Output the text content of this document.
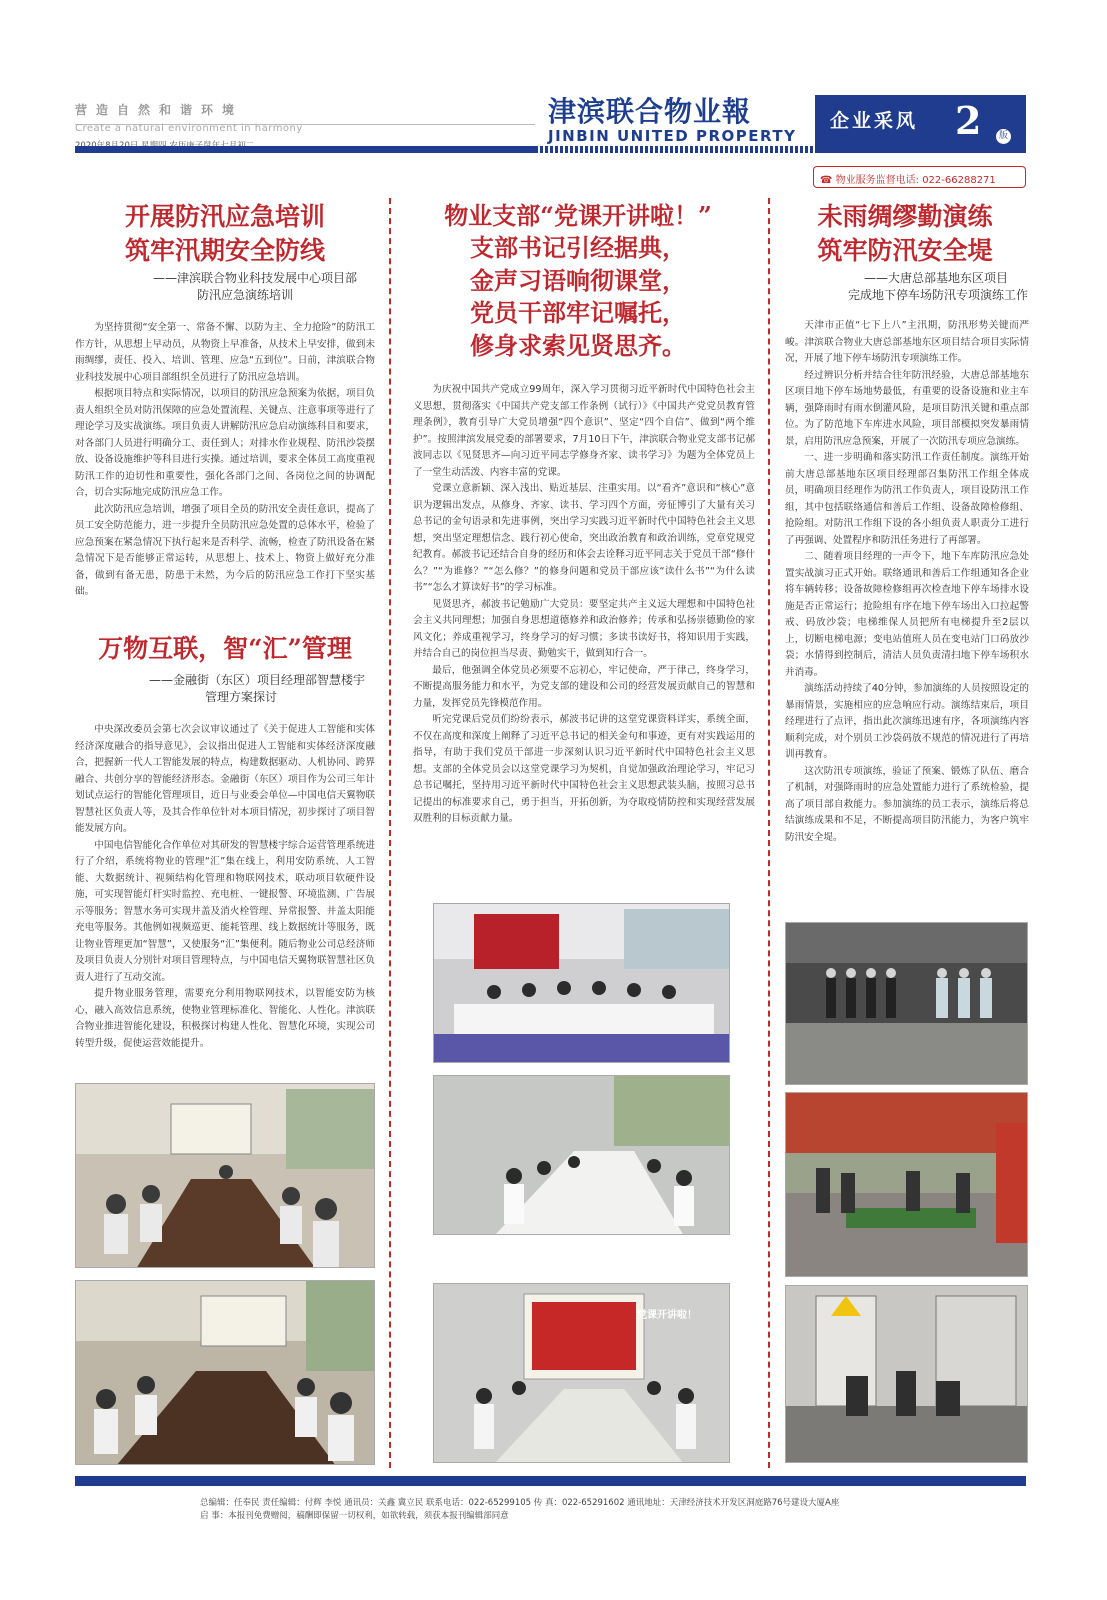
营造自然和谐环境
Create a natural environment in harmony
津滨联合物业報
JINBIN UNITED PROPERTY
企业采风 2	版
☎ 物业服务监督电话: 022-66288271
开展防汛应急培训
筑牢汛期安全防线
——津滨联合物业科技发展中心项目部
防汛应急演练培训

为坚持贯彻“安全第一、常备不懈、以防为主、全力抢险”的防汛工作方针，从思想上早动员，从物资上早准备，从技术上早安排，做到未雨绸缪，责任、投入、培训、管理、应急“五到位”。日前，津滨联合物业科技发展中心项目部组织全员进行了防汛应急培训。

根据项目特点和实际情况，以项目的防汛应急预案为依据，项目负责人组织全员对防汛保障的应急处置流程、关键点、注意事项等进行了理论学习及实战演练。项目负责人讲解防汛应急启动演练科目和要求，对各部门人员进行明确分工、责任到人；对排水作业规程、防汛沙袋摆放、设备设施维护等科目进行实操。通过培训，要求全体员工高度重视防汛工作的迫切性和重要性，强化各部门之间、各岗位之间的协调配合，切合实际地完成防汛应急工作。

此次防汛应急培训，增强了项目全员的防汛安全责任意识，提高了员工安全防范能力，进一步提升全员防汛应急处置的总体水平，检验了应急预案在紧急情况下执行起来是否科学、流畅，检查了防汛设备在紧急情况下是否能够正常运转，从思想上、技术上、物资上做好充分准备，做到有备无患，防患于未然，为今后的防汛应急工作打下坚实基础。

万物互联，智“汇”管理
——金融街（东区）项目经理部智慧楼宇
管理方案探讨

中央深改委员会第七次会议审议通过了《关于促进人工智能和实体经济深度融合的指导意见》，会议指出促进人工智能和实体经济深度融合，把握新一代人工智能发展的特点，构建数据驱动、人机协同、跨界融合、共创分享的智能经济形态。金融街（东区）项目作为公司三年计划试点运行的智能化管理项目，近日与业委会单位—中国电信天翼物联智慧社区负责人等，及其合作单位针对本项目情况，初步探讨了项目智能发展方向。

中国电信智能化合作单位对其研发的智慧楼宇综合运营管理系统进行了介绍，系统将物业的管理“汇”集在线上，利用安防系统、人工智能、大数据统计、视频结构化管理和物联网技术，联动项目软硬件设施，可实现智能灯杆实时监控、充电桩、一键报警、环境监测、广告展示等服务；智慧水务可实现井盖及消火栓管理、异常报警、井盖太阳能充电等服务。其他例如视频巡更、能耗管理、线上数据统计等服务，既让物业管理更加“智慧”，又使服务“汇”集便利。随后物业公司总经济师及项目负责人分别针对项目管理特点，与中国电信天翼物联智慧社区负责人进行了互动交流。

提升物业服务管理，需要充分利用物联网技术，以智能安防为核心，融入高效信息系统，使物业管理标准化、智能化、人性化。津滨联合物业推进智能化建设，积极探讨构建人性化、智慧化环境，实现公司转型升级，促使运营效能提升。

物业支部“党课开讲啦！”
支部书记引经据典，
金声习语响彻课堂，
党员干部牢记嘱托，
修身求索见贤思齐。

为庆祝中国共产党成立99周年，深入学习贯彻习近平新时代中国特色社会主义思想，贯彻落实《中国共产党支部工作条例（试行）》《中国共产党党员教育管理条例》，教育引导广大党员增强“四个意识”、坚定“四个自信”、做到“两个维护”。按照津滨发展党委的部署要求，7月10日下午，津滨联合物业党支部书记郝波同志以《见贤思齐—向习近平同志学修身齐家、读书学习》为题为全体党员上了一堂生动活泼、内容丰富的党课。

党课立意新颖、深入浅出、贴近基层、注重实用。以“看齐”意识和“核心”意识为逻辑出发点，从修身、齐家、读书、学习四个方面，旁征博引了大量有关习总书记的金句语录和先进事例，突出学习实践习近平新时代中国特色社会主义思想，突出坚定理想信念、践行初心使命，突出政治教育和政治训练，党章党规党纪教育。郝波书记还结合自身的经历和体会去诠释习近平同志关于党员干部“修什么？”“为谁修？”“怎么修？”的修身问题和党员干部应该“读什么书”“为什么读书”“怎么才算读好书”的学习标准。

见贤思齐，郝波书记勉励广大党员：要坚定共产主义远大理想和中国特色社会主义共同理想；加强自身思想道德修养和政治修养；传承和弘扬崇德勤俭的家风文化；养成重视学习，终身学习的好习惯；多读书读好书，将知识用于实践，并结合自己的岗位担当尽责、勤勉实干，做到知行合一。

最后，他强调全体党员必须要不忘初心，牢记使命，严于律己，终身学习，不断提高服务能力和水平，为党支部的建设和公司的经营发展贡献自己的智慧和力量，发挥党员先锋模范作用。

听完党课后党员们纷纷表示，郝波书记讲的这堂党课资料详实，系统全面，不仅在高度和深度上阐释了习近平总书记的相关金句和事迹，更有对实践运用的指导，有助于我们党员干部进一步深刻认识习近平新时代中国特色社会主义思想。支部的全体党员会以这堂党课学习为契机，自觉加强政治理论学习，牢记习总书记嘱托，坚持用习近平新时代中国特色社会主义思想武装头脑，按照习总书记提出的标准要求自己，勇于担当，开拓创新，为夺取疫情防控和实现经营发展双胜利的目标贡献力量。

党课开讲啦！
未雨绸缪勤演练
筑牢防汛安全堤
——大唐总部基地东区项目
完成地下停车场防汛专项演练工作

天津市正值“七下上八”主汛期，防汛形势关键而严峻。津滨联合物业大唐总部基地东区项目结合项目实际情况，开展了地下停车场防汛专项演练工作。

经过辨识分析并结合往年防汛经验，大唐总部基地东区项目地下停车场地势最低，有重要的设备设施和业主车辆，强降雨时有雨水倒灌风险，是项目防汛关键和重点部位。为了防范地下车库进水风险，项目部模拟突发暴雨情景，启用防汛应急预案，开展了一次防汛专项应急演练。

一、进一步明确和落实防汛工作责任制度。演练开始前大唐总部基地东区项目经理部召集防汛工作组全体成员，明确项目经理作为防汛工作负责人，项目设防汛工作组，其中包括联络通信和善后工作组、设备故障检修组、抢险组。对防汛工作组下设的各小组负责人职责分工进行了再强调、处置程序和防汛任务进行了再部署。

二、随着项目经理的一声令下，地下车库防汛应急处置实战演习正式开始。联络通讯和善后工作组通知各企业将车辆转移；设备故障检修组再次检查地下停车场排水设施是否正常运行；抢险组有序在地下停车场出入口拉起警戒、码放沙袋；电梯维保人员把所有电梯提升至2层以上，切断电梯电源；变电站值班人员在变电站门口码放沙袋；水情得到控制后，清洁人员负责清扫地下停车场积水并消毒。

演练活动持续了40分钟，参加演练的人员按照设定的暴雨情景，实施相应的应急响应行动。演练结束后，项目经理进行了点评，指出此次演练迅速有序，各项演练内容顺利完成，对个别员工沙袋码放不规范的情况进行了再培训再教育。

这次防汛专项演练，验证了预案、锻炼了队伍、磨合了机制，对强降雨时的应急处置能力进行了系统检验，提高了项目部自救能力。参加演练的员工表示，演练后将总结演练成果和不足，不断提高项目防汛能力，为客户筑牢防汛安全堤。

总编辑：任奉民 责任编辑：付辉 李悦 通讯员：关鑫 冀立民 联系电话：022-65299105 传 真：022-65291602 通讯地址：天津经济技术开发区洞庭路76号建设大厦A座
启 事：本报刊免费赠阅，稿酬即保留一切权利，如欲转载，须获本报刊编辑部同意
